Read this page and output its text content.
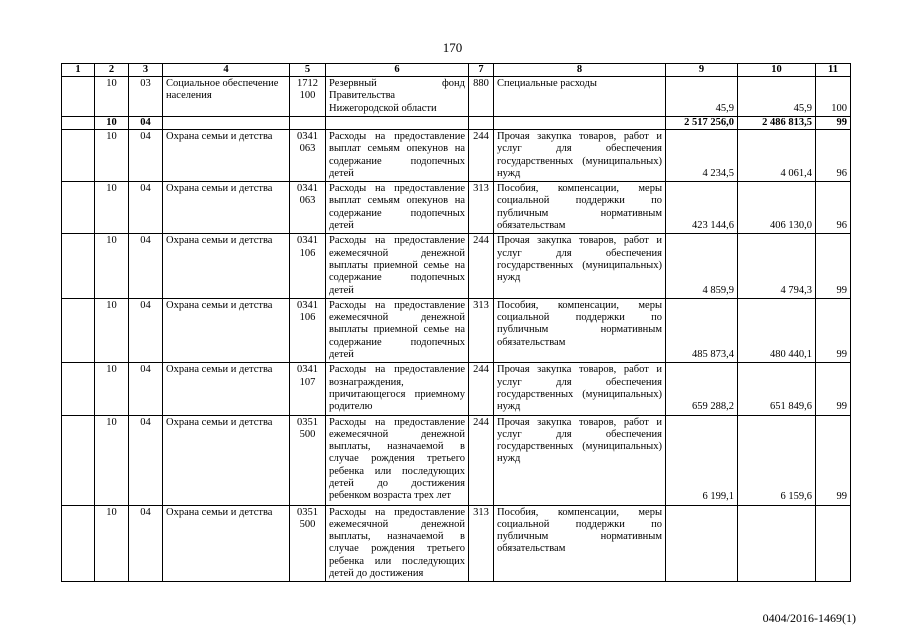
170
1	2	3	4	5	6	7	8	9	10	11
	10	03	Социальное обеспечение населения	1712 100	Резервный фонд Правительства Нижегородской области	880	Специальные расходы	45,9	45,9	100
	10	04						2 517 256,0	2 486 813,5	99
	10	04	Охрана семьи и детства	0341 063	Расходы на предоставление выплат семьям опекунов на содержание подопечных детей	244	Прочая закупка товаров, работ и услуг для обеспечения государственных (муниципальных) нужд	4 234,5	4 061,4	96
	10	04	Охрана семьи и детства	0341 063	Расходы на предоставление выплат семьям опекунов на содержание подопечных детей	313	Пособия, компенсации, меры социальной поддержки по публичным нормативным обязательствам	423 144,6	406 130,0	96
	10	04	Охрана семьи и детства	0341 106	Расходы на предоставление ежемесячной денежной выплаты приемной семье на содержание подопечных детей	244	Прочая закупка товаров, работ и услуг для обеспечения государственных (муниципальных) нужд	4 859,9	4 794,3	99
	10	04	Охрана семьи и детства	0341 106	Расходы на предоставление ежемесячной денежной выплаты приемной семье на содержание подопечных детей	313	Пособия, компенсации, меры социальной поддержки по публичным нормативным обязательствам	485 873,4	480 440,1	99
	10	04	Охрана семьи и детства	0341 107	Расходы на предоставление вознаграждения, причитающегося приемному родителю	244	Прочая закупка товаров, работ и услуг для обеспечения государственных (муниципальных) нужд	659 288,2	651 849,6	99
	10	04	Охрана семьи и детства	0351 500	Расходы на предоставление ежемесячной денежной выплаты, назначаемой в случае рождения третьего ребенка или последующих детей до достижения ребенком возраста трех лет	244	Прочая закупка товаров, работ и услуг для обеспечения государственных (муниципальных) нужд	6 199,1	6 159,6	99
	10	04	Охрана семьи и детства	0351 500	Расходы на предоставление ежемесячной денежной выплаты, назначаемой в случае рождения третьего ребенка или последующих детей до достижения	313	Пособия, компенсации, меры социальной поддержки по публичным нормативным обязательствам			
0404/2016-1469(1)
